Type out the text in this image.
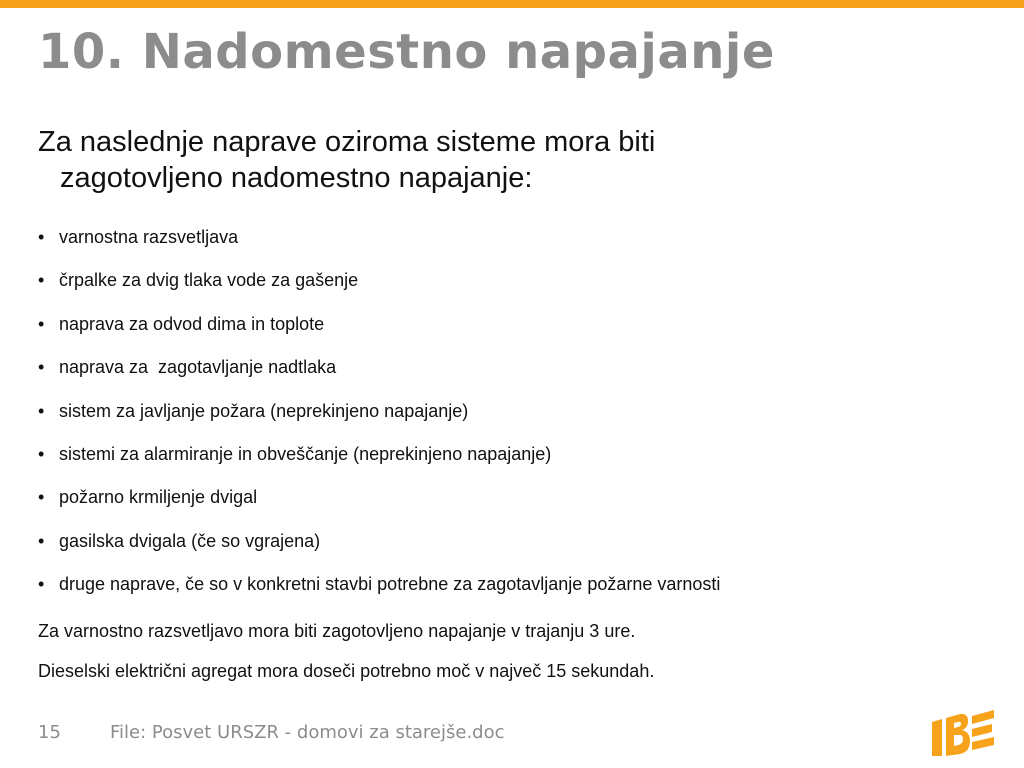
10. Nadomestno napajanje

Za naslednje naprave oziroma sisteme mora biti zagotovljeno nadomestno napajanje:

• varnostna razsvetljava
• črpalke za dvig tlaka vode za gašenje
• naprava za odvod dima in toplote
• naprava za  zagotavljanje nadtlaka
• sistem za javljanje požara (neprekinjeno napajanje)
• sistemi za alarmiranje in obveščanje (neprekinjeno napajanje)
• požarno krmiljenje dvigal
• gasilska dvigala (če so vgrajena)
• druge naprave, če so v konkretni stavbi potrebne za zagotavljanje požarne varnosti

Za varnostno razsvetljavo mora biti zagotovljeno napajanje v trajanju 3 ure.

Dieselski električni agregat mora doseči potrebno moč v največ 15 sekundah.

15	File: Posvet URSZR - domovi za starejše.doc
